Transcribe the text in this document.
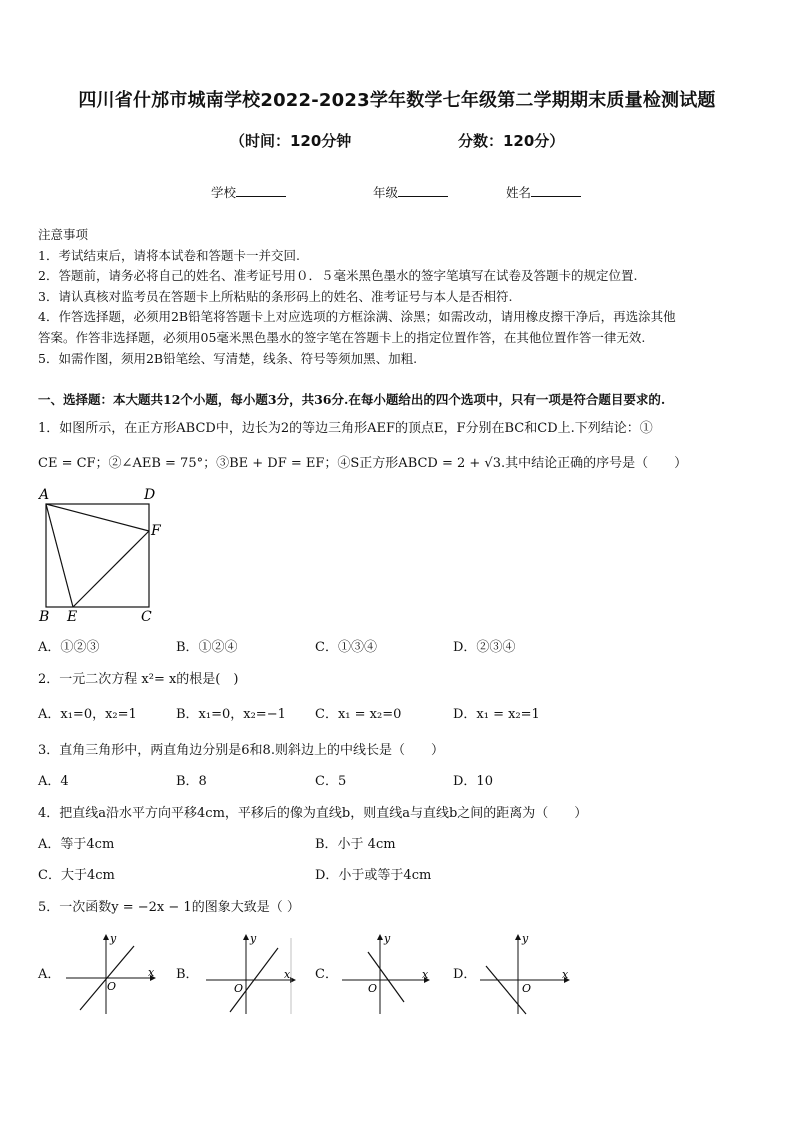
四川省什邡市城南学校2022-2023学年数学七年级第二学期期末质量检测试题
（时间：120分钟	分数：120分）
学校	年级	姓名
注意事项
1．考试结束后，请将本试卷和答题卡一并交回.
2．答题前，请务必将自己的姓名、准考证号用０．５毫米黑色墨水的签字笔填写在试卷及答题卡的规定位置.
3．请认真核对监考员在答题卡上所粘贴的条形码上的姓名、准考证号与本人是否相符.
4．作答选择题，必须用2B铅笔将答题卡上对应选项的方框涂满、涂黑；如需改动，请用橡皮擦干净后，再选涂其他
答案。作答非选择题，必须用05毫米黑色墨水的签字笔在答题卡上的指定位置作答，在其他位置作答一律无效.
5．如需作图，须用2B铅笔绘、写清楚，线条、符号等须加黑、加粗.
一、选择题：本大题共12个小题，每小题3分，共36分.在每小题给出的四个选项中，只有一项是符合题目要求的.
1．如图所示，在正方形ABCD中，边长为2的等边三角形AEF的顶点E，F分别在BC和CD上.下列结论：①
CE = CF；②∠AEB = 75°；③BE + DF = EF；④S正方形ABCD = 2 + √3.其中结论正确的序号是（　　）
A	D
F
B E	C
A．①②③	B．①②④	C．①③④	D．②③④
2．一元二次方程 x²= x的根是(　)
A．x₁=0，x₂=1	B．x₁=0，x₂=−1 C．x₁ = x₂=0	D．x₁ = x₂=1
3．直角三角形中，两直角边分别是6和8.则斜边上的中线长是（　　）
A．4	B．8	C．5	D．10
4．把直线a沿水平方向平移4cm，平移后的像为直线b，则直线a与直线b之间的距离为（　　）
A．等于4cm	B．小于 4cm
C．大于4cm	D．小于或等于4cm
5．一次函数y = −2x − 1的图象大致是（ ）
A．	x
y
O
B．	x
y
O
C．	x
y
O
D．	x
y
O
